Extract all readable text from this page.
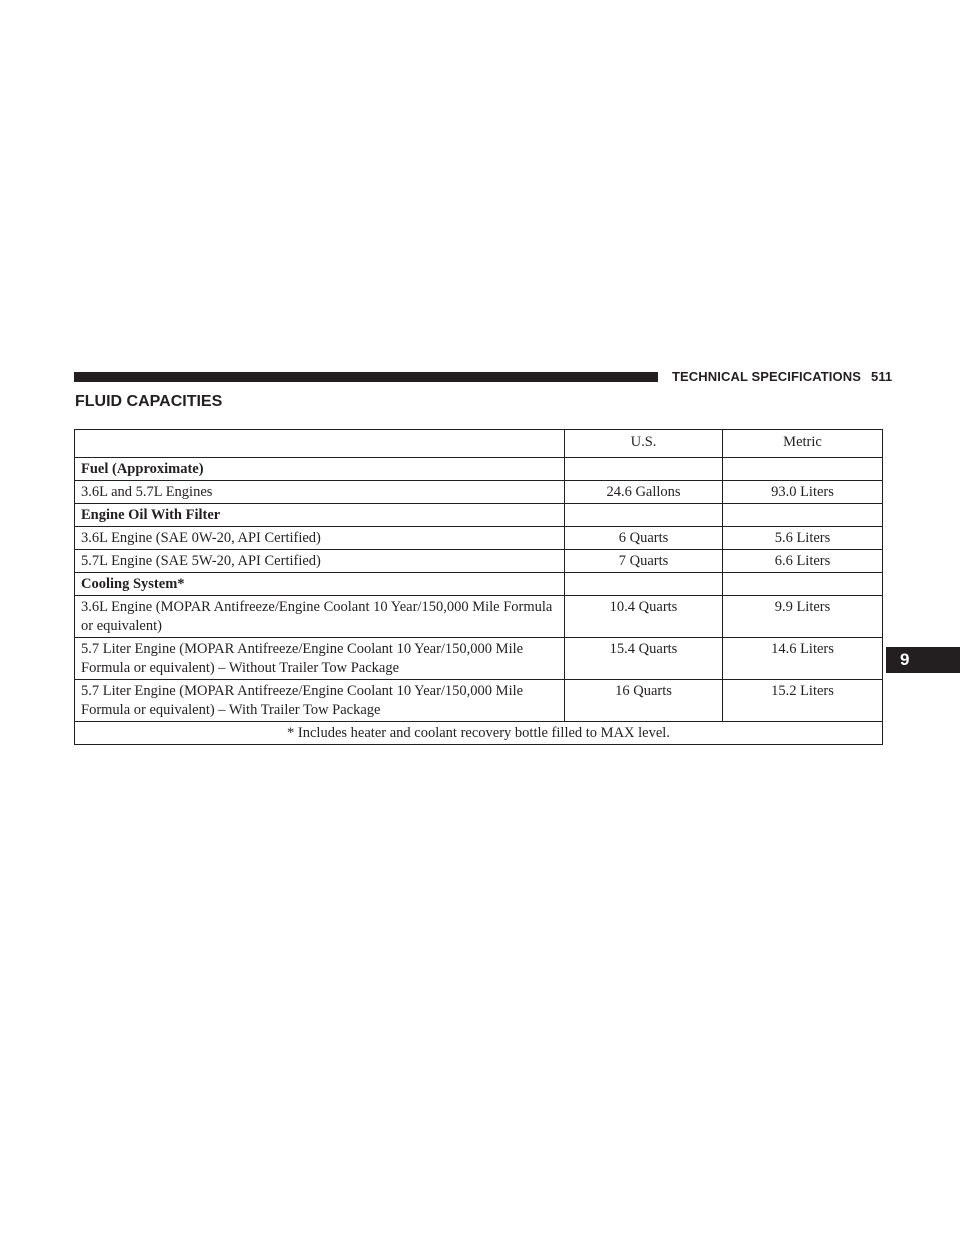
TECHNICAL SPECIFICATIONS 511
FLUID CAPACITIES
	U.S.	Metric
Fuel (Approximate)		
3.6L and 5.7L Engines	24.6 Gallons	93.0 Liters
Engine Oil With Filter		
3.6L Engine (SAE 0W-20, API Certified)	6 Quarts	5.6 Liters
5.7L Engine (SAE 5W-20, API Certified)	7 Quarts	6.6 Liters
Cooling System*		
3.6L Engine (MOPAR Antifreeze/Engine Coolant 10 Year/150,000 Mile Formula or equivalent)	10.4 Quarts	9.9 Liters
5.7 Liter Engine (MOPAR Antifreeze/Engine Coolant 10 Year/150,000 Mile Formula or equivalent) – Without Trailer Tow Package	15.4 Quarts	14.6 Liters
5.7 Liter Engine (MOPAR Antifreeze/Engine Coolant 10 Year/150,000 Mile Formula or equivalent) – With Trailer Tow Package	16 Quarts	15.2 Liters
* Includes heater and coolant recovery bottle filled to MAX level.		
9
